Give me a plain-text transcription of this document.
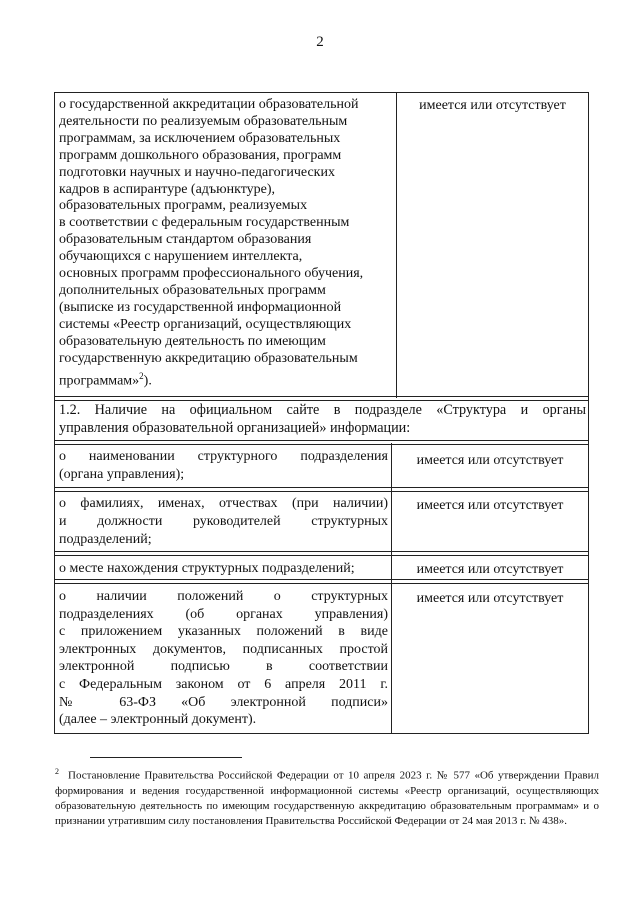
2
о государственной аккредитации образовательной
деятельности по реализуемым образовательным
программам, за исключением образовательных
программ дошкольного образования, программ
подготовки научных и научно-педагогических
кадров в аспирантуре (адъюнктуре),
образовательных программ, реализуемых
в соответствии с федеральным государственным
образовательным стандартом образования
обучающихся с нарушением интеллекта,
основных программ профессионального обучения,
дополнительных образовательных программ
(выписке из государственной информационной
системы «Реестр организаций, осуществляющих
образовательную деятельность по имеющим
государственную аккредитацию образовательным
программам»$^2$).
имеется или отсутствует
1.2. Наличие на официальном сайте в подразделе «Структура и органы
управления образовательной организацией» информации:
о наименовании структурного подразделения
(органа управления);
имеется или отсутствует
о фамилиях, именах, отчествах (при наличии)
и должности руководителей структурных
подразделений;
имеется или отсутствует
о месте нахождения структурных подразделений;	имеется или отсутствует
о наличии положений о структурных
подразделениях (об органах управления)
с приложением указанных положений в виде
электронных документов, подписанных простой
электронной подписью в соответствии
с Федеральным законом от 6 апреля 2011 г.
№ 63-ФЗ «Об электронной подписи»
(далее – электронный документ).
имеется или отсутствует
$^2$ Постановление Правительства Российской Федерации от 10 апреля 2023 г. № 577 «Об утверждении Правил формирования и ведения государственной информационной системы «Реестр организаций, осуществляющих образовательную деятельность по имеющим государственную аккредитацию образовательным программам» и о признании утратившим силу постановления Правительства Российской Федерации от 24 мая 2013 г. № 438».
